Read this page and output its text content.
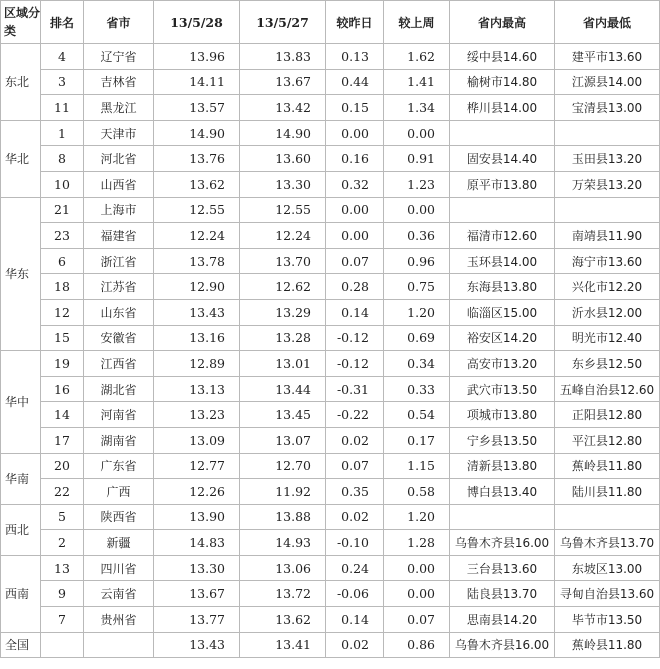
区域分类	排名	省市	13/5/28	13/5/27	较昨日	较上周	省内最高	省内最低
东北	4	辽宁省	13.96	13.83	0.13	1.62	绥中县14.60	建平市13.60
	3	吉林省	14.11	13.67	0.44	1.41	榆树市14.80	江源县14.00
	11	黑龙江	13.57	13.42	0.15	1.34	桦川县14.00	宝清县13.00
华北	1	天津市	14.90	14.90	0.00	0.00		
	8	河北省	13.76	13.60	0.16	0.91	固安县14.40	玉田县13.20
	10	山西省	13.62	13.30	0.32	1.23	原平市13.80	万荣县13.20
华东	21	上海市	12.55	12.55	0.00	0.00		
	23	福建省	12.24	12.24	0.00	0.36	福清市12.60	南靖县11.90
	6	浙江省	13.78	13.70	0.07	0.96	玉环县14.00	海宁市13.60
	18	江苏省	12.90	12.62	0.28	0.75	东海县13.80	兴化市12.20
	12	山东省	13.43	13.29	0.14	1.20	临淄区15.00	沂水县12.00
	15	安徽省	13.16	13.28	-0.12	0.69	裕安区14.20	明光市12.40
华中	19	江西省	12.89	13.01	-0.12	0.34	高安市13.20	东乡县12.50
	16	湖北省	13.13	13.44	-0.31	0.33	武穴市13.50	五峰自治县12.60
	14	河南省	13.23	13.45	-0.22	0.54	项城市13.80	正阳县12.80
	17	湖南省	13.09	13.07	0.02	0.17	宁乡县13.50	平江县12.80
华南	20	广东省	12.77	12.70	0.07	1.15	清新县13.80	蕉岭县11.80
	22	广西	12.26	11.92	0.35	0.58	博白县13.40	陆川县11.80
西北	5	陕西省	13.90	13.88	0.02	1.20		
	2	新疆	14.83	14.93	-0.10	1.28	乌鲁木齐县16.00	乌鲁木齐县13.70
西南	13	四川省	13.30	13.06	0.24	0.00	三台县13.60	东坡区13.00
	9	云南省	13.67	13.72	-0.06	0.00	陆良县13.70	寻甸自治县13.60
	7	贵州省	13.77	13.62	0.14	0.07	思南县14.20	毕节市13.50
全国			13.43	13.41	0.02	0.86	乌鲁木齐县16.00	蕉岭县11.80
